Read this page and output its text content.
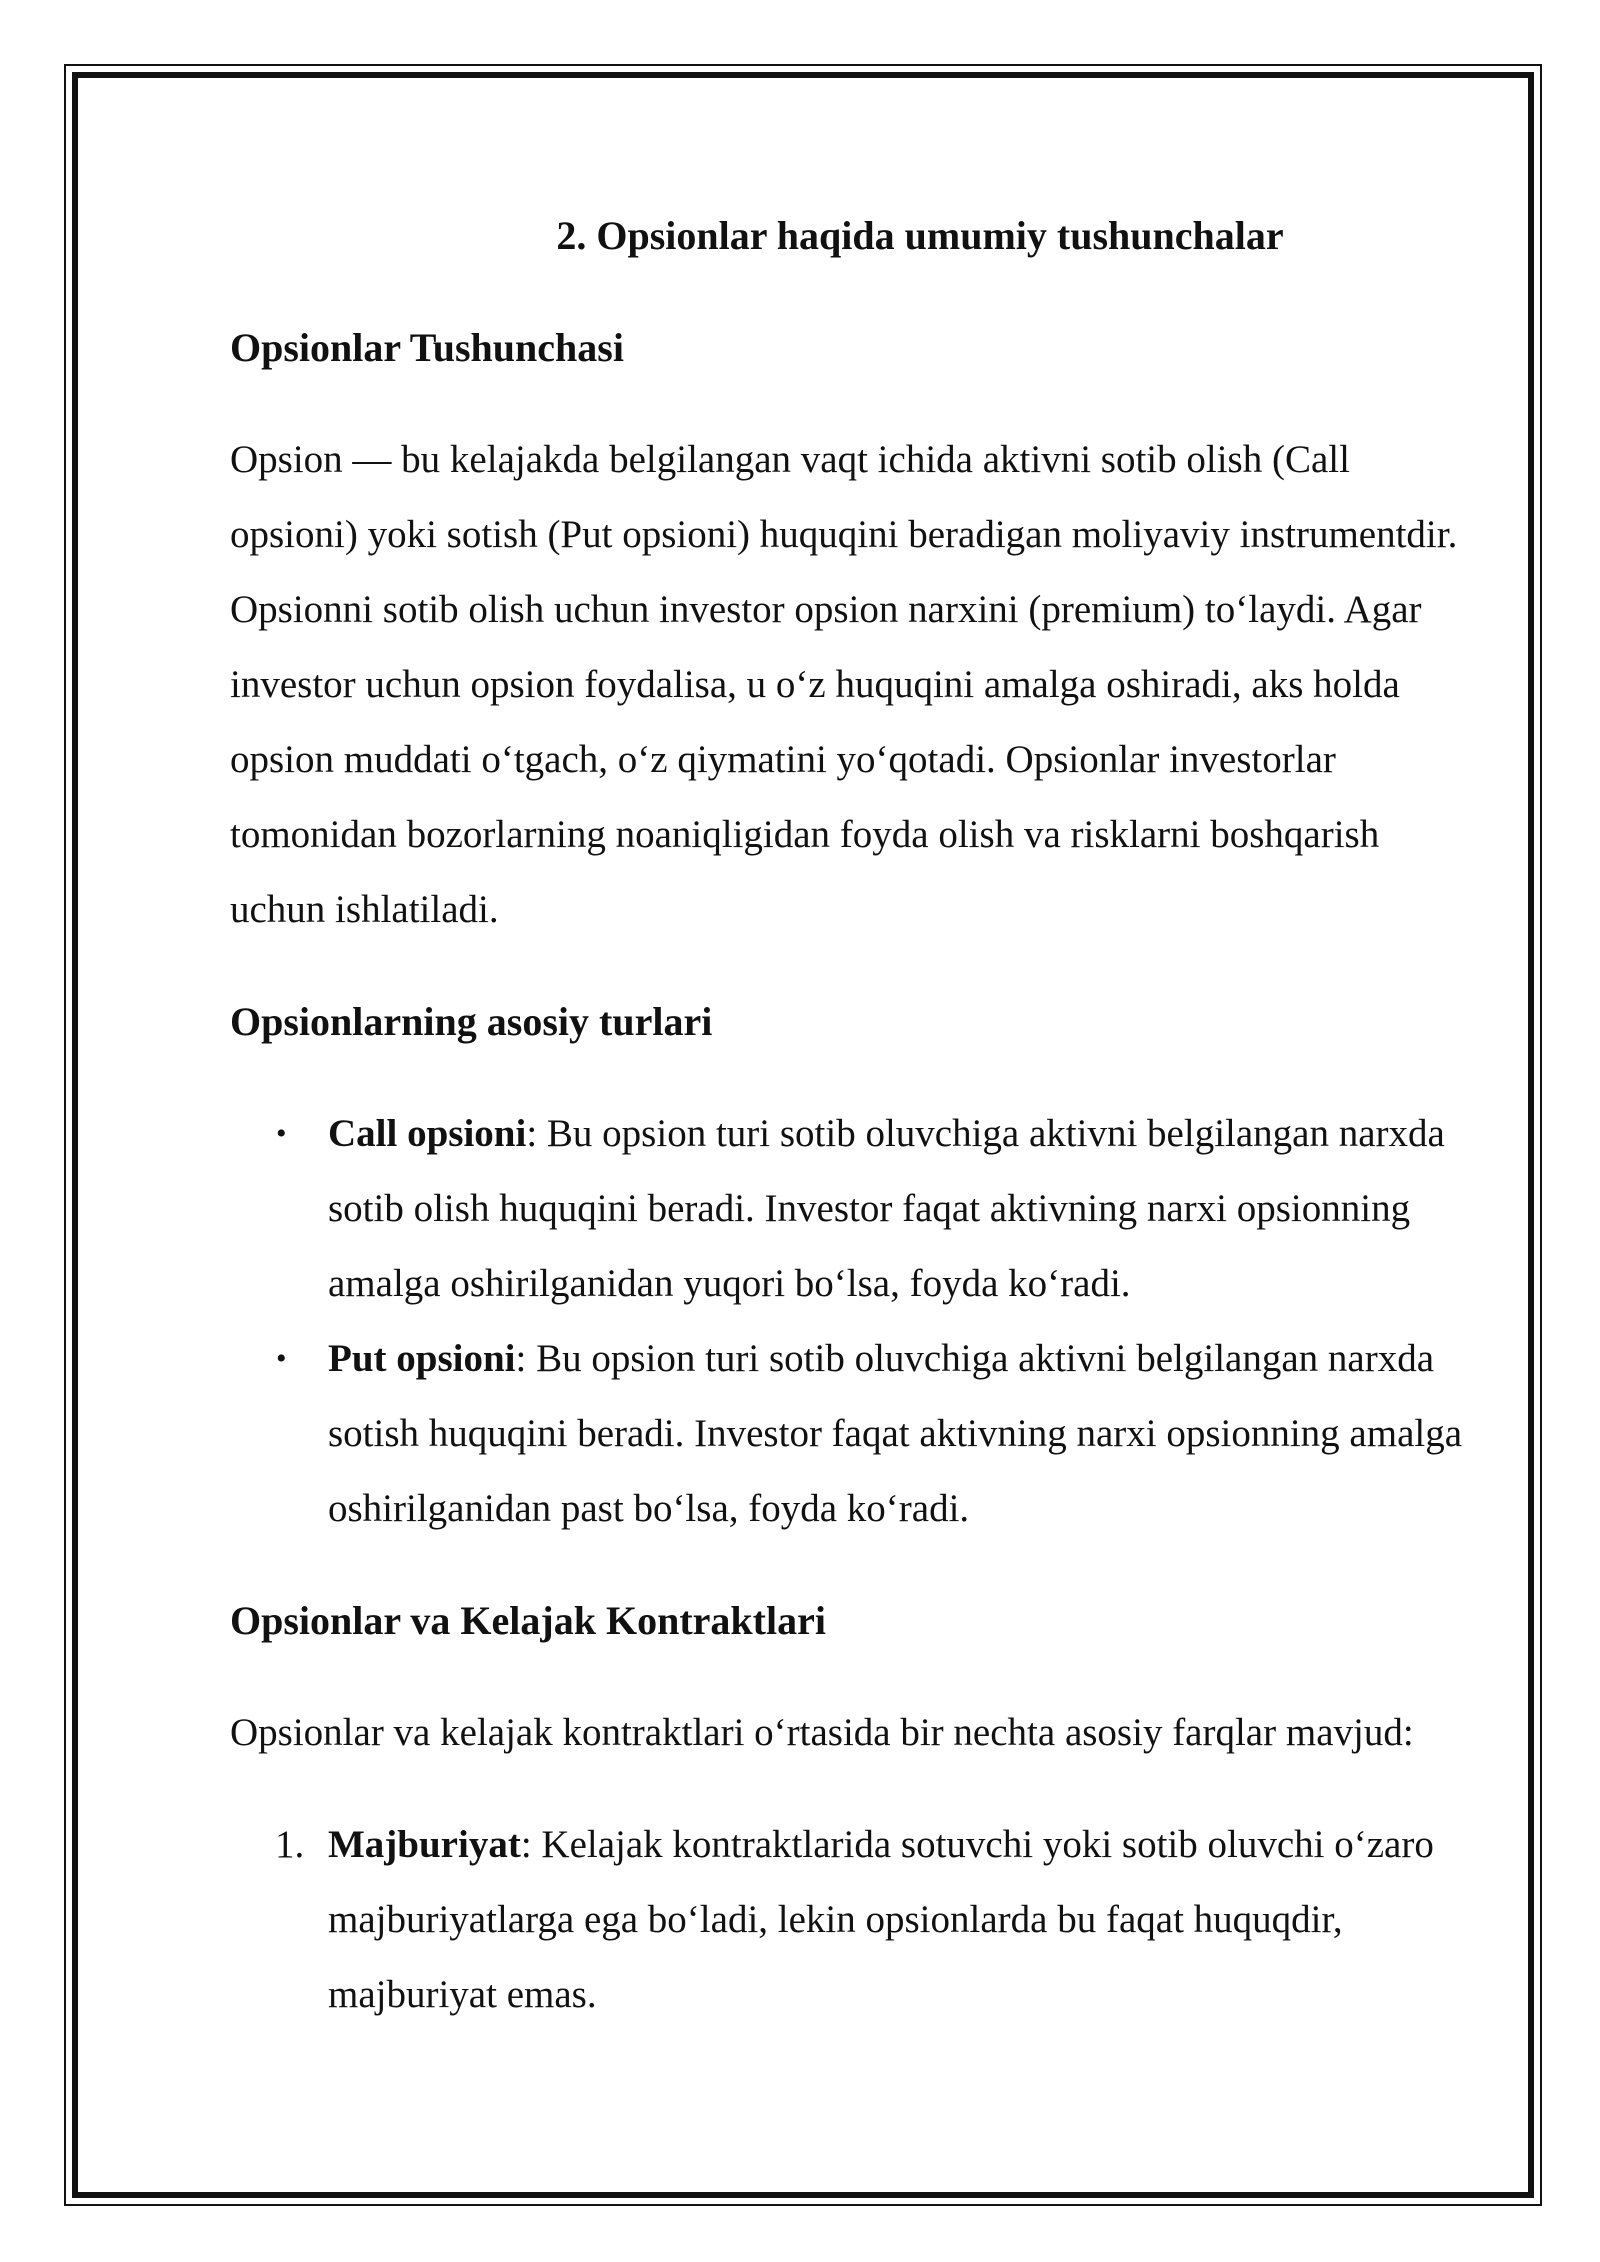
2. Opsionlar haqida umumiy tushunchalar
Opsionlar Tushunchasi

Opsion — bu kelajakda belgilangan vaqt ichida aktivni sotib olish (Call opsioni) yoki sotish (Put opsioni) huquqini beradigan moliyaviy instrumentdir. Opsionni sotib olish uchun investor opsion narxini (premium) to‘laydi. Agar investor uchun opsion foydalisa, u o‘z huquqini amalga oshiradi, aks holda opsion muddati o‘tgach, o‘z qiymatini yo‘qotadi. Opsionlar investorlar tomonidan bozorlarning noaniqligidan foyda olish va risklarni boshqarish uchun ishlatiladi.

Opsionlarning asosiy turlari
• Call opsioni: Bu opsion turi sotib oluvchiga aktivni belgilangan narxda sotib olish huquqini beradi. Investor faqat aktivning narxi opsionning amalga oshirilganidan yuqori bo‘lsa, foyda ko‘radi.
• Put opsioni: Bu opsion turi sotib oluvchiga aktivni belgilangan narxda sotish huquqini beradi. Investor faqat aktivning narxi opsionning amalga oshirilganidan past bo‘lsa, foyda ko‘radi.
Opsionlar va Kelajak Kontraktlari

Opsionlar va kelajak kontraktlari o‘rtasida bir nechta asosiy farqlar mavjud:

1. Majburiyat: Kelajak kontraktlarida sotuvchi yoki sotib oluvchi o‘zaro majburiyatlarga ega bo‘ladi, lekin opsionlarda bu faqat huquqdir, majburiyat emas.
